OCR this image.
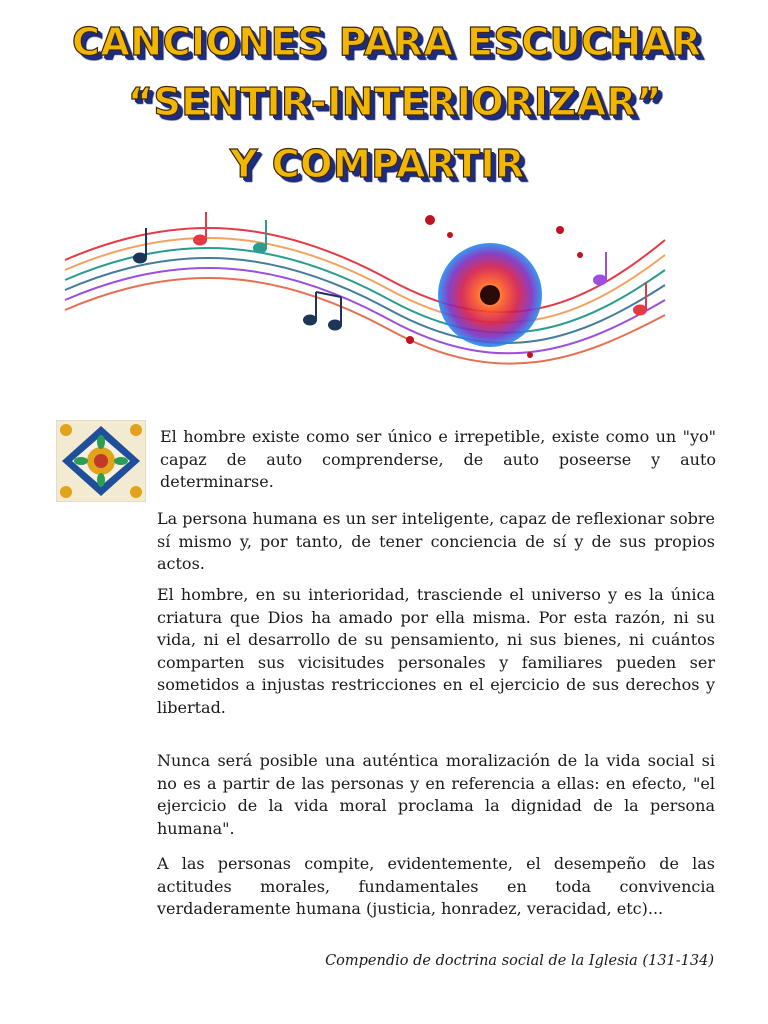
CANCIONES PARA ESCUCHAR
“SENTIR-INTERIORIZAR”
Y COMPARTIR

El hombre existe como ser único e irrepetible, existe como un "yo" capaz de auto comprenderse, de auto poseerse y auto determinarse.

La persona humana es un ser inteligente, capaz de reflexionar sobre sí mismo y, por tanto, de tener conciencia de sí y de sus propios actos.

El hombre, en su interioridad, trasciende el universo y es la única criatura que Dios ha amado por ella misma. Por esta razón, ni su vida, ni el desarrollo de su pensamiento, ni sus bienes, ni cuántos comparten sus vicisitudes personales y familiares pueden ser sometidos a injustas restricciones en el ejercicio de sus derechos y libertad.

Nunca será posible una auténtica moralización de la vida social si no es a partir de las personas y en referencia a ellas: en efecto, "el ejercicio de la vida moral proclama la dignidad de la persona humana".

A las personas compite, evidentemente, el desempeño de las actitudes morales, fundamentales en toda convivencia verdaderamente humana (justicia, honradez, veracidad, etc)...

Compendio de doctrina social de la Iglesia (131-134)
